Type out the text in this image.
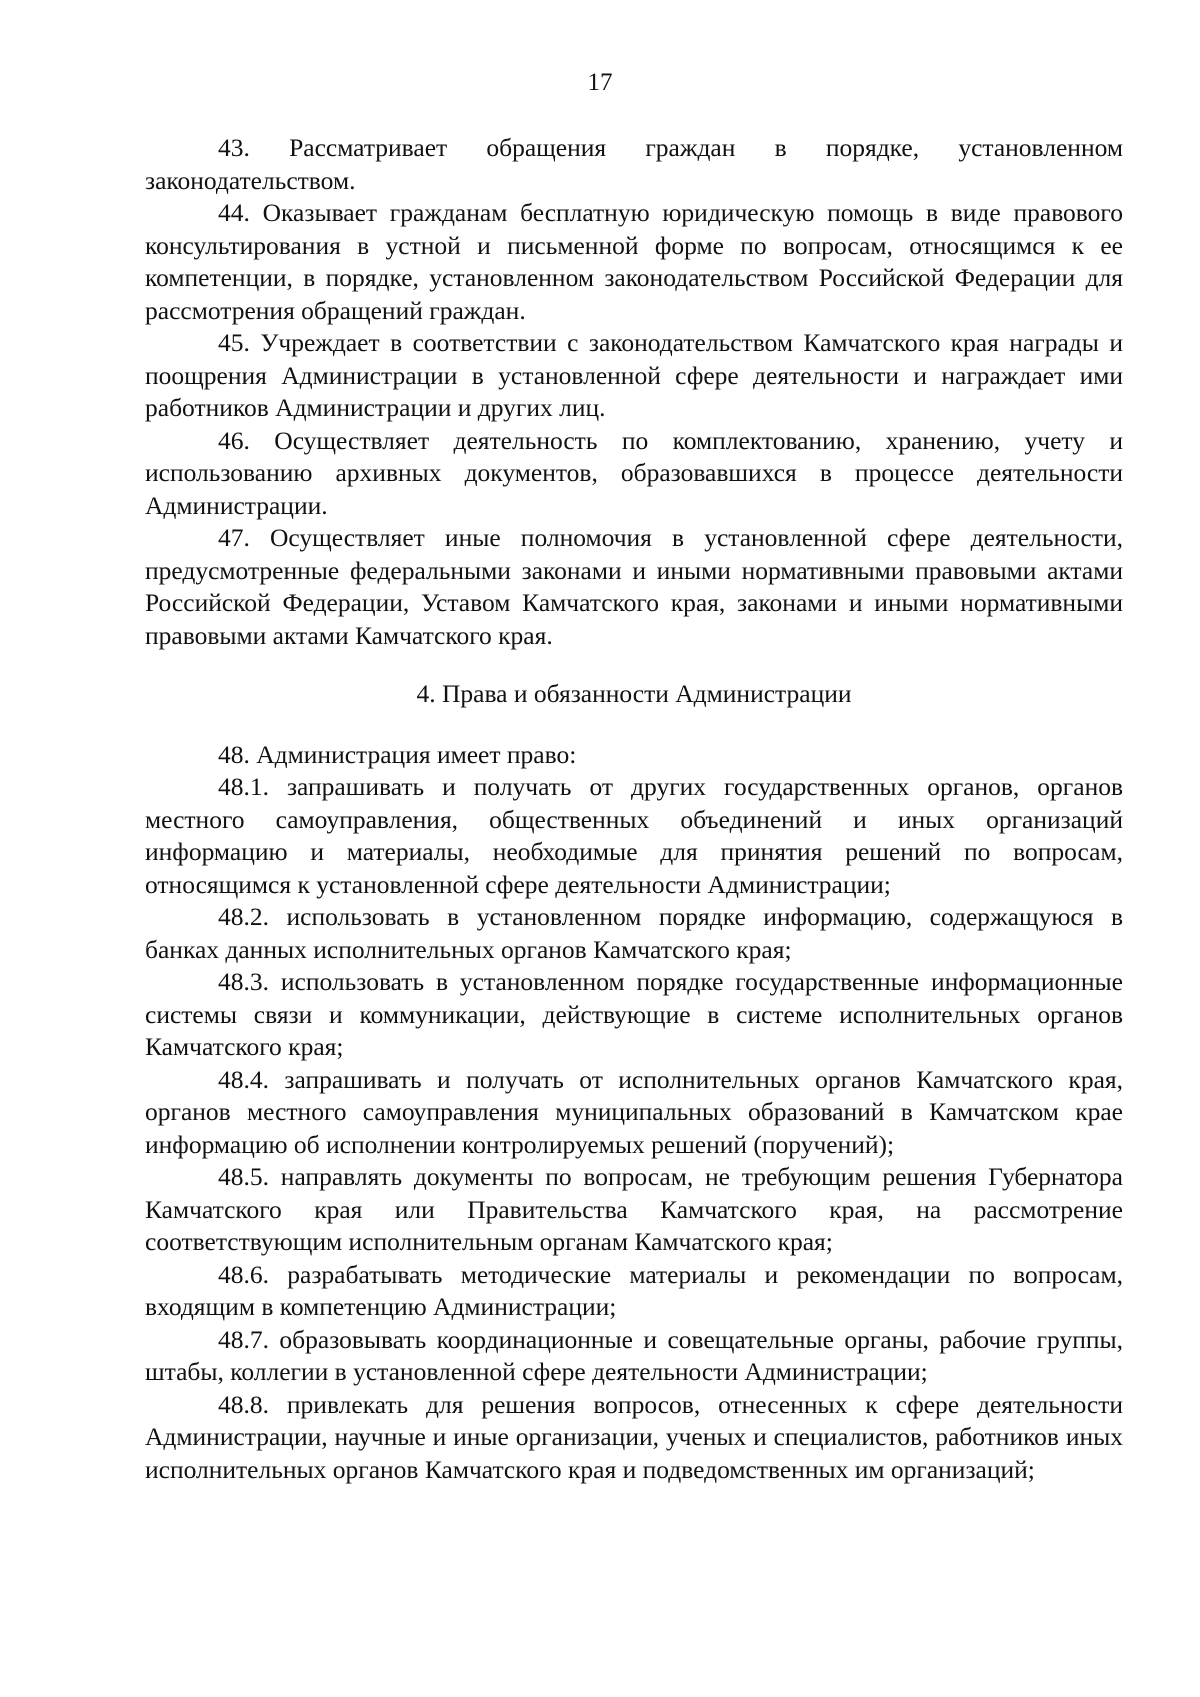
17

43. Рассматривает обращения граждан в порядке, установленном законодательством.

44. Оказывает гражданам бесплатную юридическую помощь в виде правового консультирования в устной и письменной форме по вопросам, относящимся к ее компетенции, в порядке, установленном законодательством Российской Федерации для рассмотрения обращений граждан.

45. Учреждает в соответствии с законодательством Камчатского края награды и поощрения Администрации в установленной сфере деятельности и награждает ими работников Администрации и других лиц.

46. Осуществляет деятельность по комплектованию, хранению, учету и использованию архивных документов, образовавшихся в процессе деятельности Администрации.

47. Осуществляет иные полномочия в установленной сфере деятельности, предусмотренные федеральными законами и иными нормативными правовыми актами Российской Федерации, Уставом Камчатского края, законами и иными нормативными правовыми актами Камчатского края.

4. Права и обязанности Администрации

48. Администрация имеет право:

48.1. запрашивать и получать от других государственных органов, органов местного самоуправления, общественных объединений и иных организаций информацию и материалы, необходимые для принятия решений по вопросам, относящимся к установленной сфере деятельности Администрации;

48.2. использовать в установленном порядке информацию, содержащуюся в банках данных исполнительных органов Камчатского края;

48.3. использовать в установленном порядке государственные информационные системы связи и коммуникации, действующие в системе исполнительных органов Камчатского края;

48.4. запрашивать и получать от исполнительных органов Камчатского края, органов местного самоуправления муниципальных образований в Камчатском крае информацию об исполнении контролируемых решений (поручений);

48.5. направлять документы по вопросам, не требующим решения Губернатора Камчатского края или Правительства Камчатского края, на рассмотрение соответствующим исполнительным органам Камчатского края;

48.6. разрабатывать методические материалы и рекомендации по вопросам, входящим в компетенцию Администрации;

48.7. образовывать координационные и совещательные органы, рабочие группы, штабы, коллегии в установленной сфере деятельности Администрации;

48.8. привлекать для решения вопросов, отнесенных к сфере деятельности Администрации, научные и иные организации, ученых и специалистов, работников иных исполнительных органов Камчатского края и подведомственных им организаций;
